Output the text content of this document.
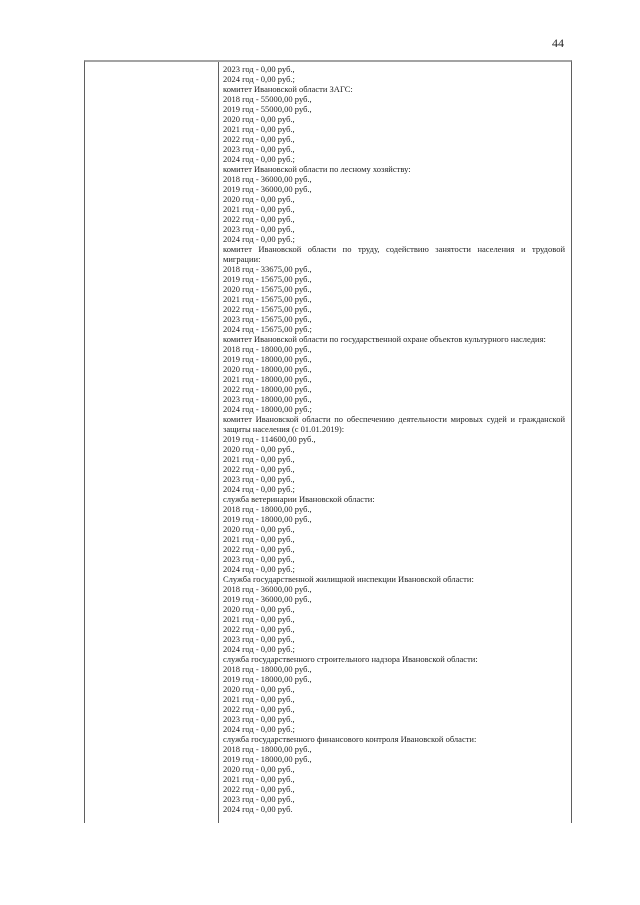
44
2023 год - 0,00 руб.,
2024 год - 0,00 руб.;
комитет Ивановской области ЗАГС:
2018 год - 55000,00 руб.,
2019 год - 55000,00 руб.,
2020 год - 0,00 руб.,
2021 год - 0,00 руб.,
2022 год - 0,00 руб.,
2023 год - 0,00 руб.,
2024 год - 0,00 руб.;
комитет Ивановской области по лесному хозяйству:
2018 год - 36000,00 руб.,
2019 год - 36000,00 руб.,
2020 год - 0,00 руб.,
2021 год - 0,00 руб.,
2022 год - 0,00 руб.,
2023 год - 0,00 руб.,
2024 год - 0,00 руб.;
комитет Ивановской области по труду, содействию занятости населения и трудовой
миграции:
2018 год - 33675,00 руб.,
2019 год - 15675,00 руб.,
2020 год - 15675,00 руб.,
2021 год - 15675,00 руб.,
2022 год - 15675,00 руб.,
2023 год - 15675,00 руб.,
2024 год - 15675,00 руб.;
комитет Ивановской области по государственной охране объектов культурного наследия:
2018 год - 18000,00 руб.,
2019 год - 18000,00 руб.,
2020 год - 18000,00 руб.,
2021 год - 18000,00 руб.,
2022 год - 18000,00 руб.,
2023 год - 18000,00 руб.,
2024 год - 18000,00 руб.;
комитет Ивановской области по обеспечению деятельности мировых судей и гражданской
защиты населения (с 01.01.2019):
2019 год - 114600,00 руб.,
2020 год - 0,00 руб.,
2021 год - 0,00 руб.,
2022 год - 0,00 руб.,
2023 год - 0,00 руб.,
2024 год - 0,00 руб.;
служба ветеринарии Ивановской области:
2018 год - 18000,00 руб.,
2019 год - 18000,00 руб.,
2020 год - 0,00 руб.,
2021 год - 0,00 руб.,
2022 год - 0,00 руб.,
2023 год - 0,00 руб.,
2024 год - 0,00 руб.;
Служба государственной жилищной инспекции Ивановской области:
2018 год - 36000,00 руб.,
2019 год - 36000,00 руб.,
2020 год - 0,00 руб.,
2021 год - 0,00 руб.,
2022 год - 0,00 руб.,
2023 год - 0,00 руб.,
2024 год - 0,00 руб.;
служба государственного строительного надзора Ивановской области:
2018 год - 18000,00 руб.,
2019 год - 18000,00 руб.,
2020 год - 0,00 руб.,
2021 год - 0,00 руб.,
2022 год - 0,00 руб.,
2023 год - 0,00 руб.,
2024 год - 0,00 руб.;
служба государственного финансового контроля Ивановской области:
2018 год - 18000,00 руб.,
2019 год - 18000,00 руб.,
2020 год - 0,00 руб.,
2021 год - 0,00 руб.,
2022 год - 0,00 руб.,
2023 год - 0,00 руб.,
2024 год - 0,00 руб.
